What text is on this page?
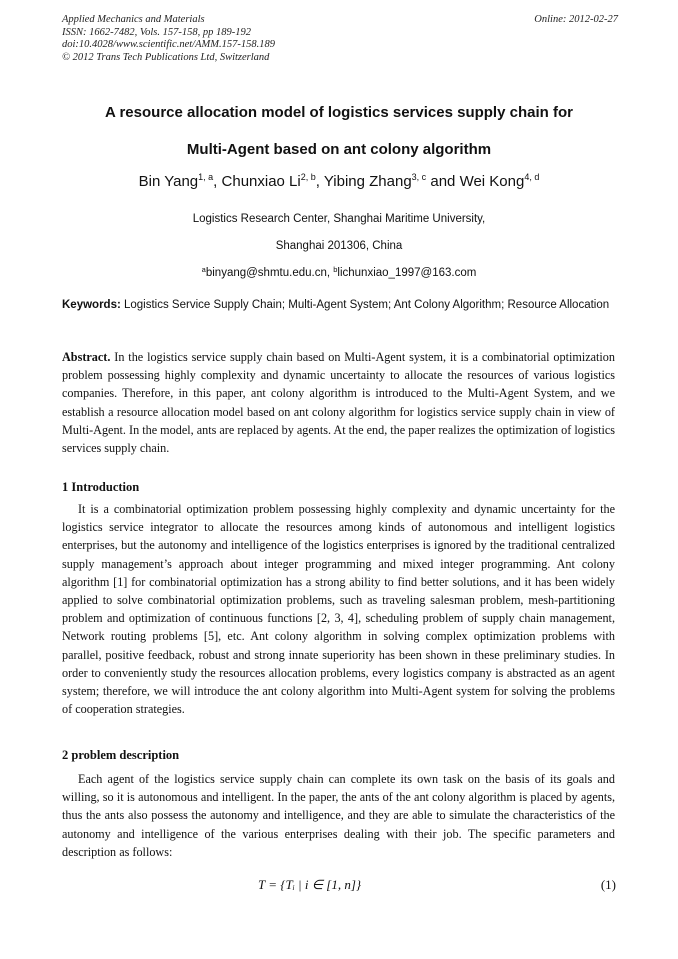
Applied Mechanics and Materials
ISSN: 1662-7482, Vols. 157-158, pp 189-192
doi:10.4028/www.scientific.net/AMM.157-158.189
© 2012 Trans Tech Publications Ltd, Switzerland
Online: 2012-02-27
A resource allocation model of logistics services supply chain for
Multi-Agent based on ant colony algorithm
Bin Yang$^{1, a}$, Chunxiao Li$^{2, b}$, Yibing Zhang$^{3, c}$ and Wei Kong$^{4, d}$
Logistics Research Center, Shanghai Maritime University,
Shanghai 201306, China
$^a$binyang@shmtu.edu.cn, $^b$lichunxiao_1997@163.com
Keywords: Logistics Service Supply Chain; Multi-Agent System; Ant Colony Algorithm; Resource Allocation
Abstract. In the logistics service supply chain based on Multi-Agent system, it is a combinatorial optimization problem possessing highly complexity and dynamic uncertainty to allocate the resources of various logistics companies. Therefore, in this paper, ant colony algorithm is introduced to the Multi-Agent System, and we establish a resource allocation model based on ant colony algorithm for logistics service supply chain in view of Multi-Agent. In the model, ants are replaced by agents. At the end, the paper realizes the optimization of logistics services supply chain.
1 Introduction
It is a combinatorial optimization problem possessing highly complexity and dynamic uncertainty for the logistics service integrator to allocate the resources among kinds of autonomous and intelligent logistics enterprises, but the autonomy and intelligence of the logistics enterprises is ignored by the traditional centralized supply management’s approach about integer programming and mixed integer programming. Ant colony algorithm [1] for combinatorial optimization has a strong ability to find better solutions, and it has been widely applied to solve combinatorial optimization problems, such as traveling salesman problem, mesh-partitioning problem and optimization of continuous functions [2, 3, 4], scheduling problem of supply chain management, Network routing problems [5], etc. Ant colony algorithm in solving complex optimization problems with parallel, positive feedback, robust and strong innate superiority has been shown in these preliminary studies. In order to conveniently study the resources allocation problems, every logistics company is abstracted as an agent system; therefore, we will introduce the ant colony algorithm into Multi-Agent system for solving the problems of cooperation strategies.
2 problem description
Each agent of the logistics service supply chain can complete its own task on the basis of its goals and willing, so it is autonomous and intelligent. In the paper, the ants of the ant colony algorithm is placed by agents, thus the ants also possess the autonomy and intelligence, and they are able to simulate the characteristics of the autonomy and intelligence of the various enterprises dealing with their job. The specific parameters and description as follows:
T = {Tᵢ | i ∈ [1, n]}	(1)
